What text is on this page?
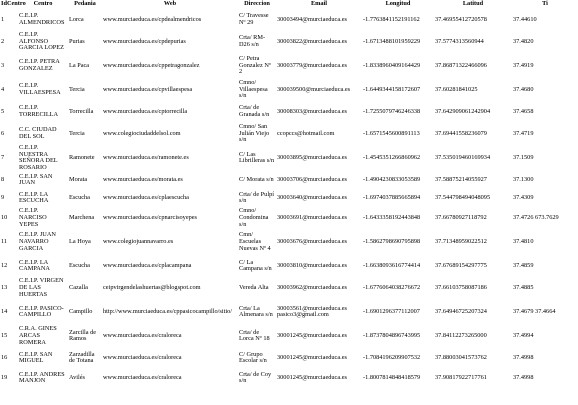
IdCentro	Centro	Pedania	Web	Direccion	Email	Longitud	Latitud	Ti
1	C.E.I.P. ALMENDRICOS	Lorca	www.murciaeduca.es/cpdealmendricos	C/ Travesse Nº 29	30003494@murciaeduca.es	-1.7763841152191162	37.46955412720578	37.44610
2	C.E.I.P. ALFONSO GARCIA LOPEZ	Purias	www.murciaeduca.es/cpdepurias	Crta/ RM-D26 s/n	30003822@murciaeduca.es	-1.6713488101959229	37.5774313560944	37.4820
3	C.E.I.P. PETRA GONZALEZ	La Paca	www.murciaeduca.es/cppetragonzalez	C/ Petra Gonzalez Nº 2	30003779@murciaeduca.es	-1.8338960409164429	37.86871322466096	37.4919
4	C.E.I.P. VILLAESPESA	Tercia	www.murciaeduca.es/cpvillaespesa	Cmno/ Villaespesa s/n	300039500@murciaeduca.es	-1.6449344158172607	37.60281841025	37.4680
5	C.E.I.P. TORRECILLA	Torrecilla	www.murciaeduca.es/cptorrecilla	Crta/ de Granada s/n	30008303@murciaeduca.es	-1.7255079746246338	37.642909061242904	37.4658
6	C.C. CIUDAD DEL SOL	Tercia	www.colegiociudaddelsol.com	Cmno/ San Julián Viejo s/n	ccopccs@hotmail.com	-1.6571545600891113	37.69441558236079	37.4719
7	C.E.I.P. NUESTRA SEÑORA DEL ROSARIO	Ramonete	www.murciaeduca.es/ramonete.es	C/ Las Librilleras s/n	30003895@murciaeduca.es	-1.4545351266860962	37.535019460169934	37.1509
8	C.E.I.P. SAN JUAN	Morata	www.murciaeduca.es/morata.es	C/ Morata s/n	30003706@murciaeduca.es	-1.4904230833053589	37.58875214055927	37.1300
9	C.E.I.P. LA ESCUCHA	Escucha	www.murciaeduca.es/cplaescucha	Crta/ de Pulpí s/n	30003640@murciaeduca.es	-1.6974037885665894	37.544798494048095	37.4309
10	C.E.I.P. NARCISO YEPES	Marchena	www.murciaeduca.es/cpnarcisoyepes	Cmno/ Condomina s/n	30003691@murciaeduca.es	-1.6433358192443848	37.66780927118792	37.4726 673.7629
11	C.E.I.P. JUAN NAVARRO GARCIA	La Hoya	www.colegiojuannavarro.es	Cmn/ Escuelas Nuevas Nº 4	30003676@murciaeduca.es	-1.5862798690795898	37.71348959022512	37.4810
12	C.E.I.P. LA CAMPANA	Escucha	www.murciaeduca.es/cplacampana	C/ La Campana s/n	30003810@murciaeduca.es	-1.6638093616774414	37.67689154297775	37.4859
13	C.E.I.P. VIRGEN DE LAS HUERTAS	Cazalla	ceipvirgendelashuertas@blogspot.com	Vereda Alta	30003962@murciaeduca.es	-1.6776064038276672	37.66103758087186	37.4885
14	C.E.I.P. PASICO-CAMPILLO	Campillo	http://www.murciaeduca.es/cppasicocampillo/sitio/	Crta/ La Almenara s/n	30003561@murciaeduca.es pasico3@gmail.com	-1.6901296377112007	37.64946725207324	37.4679 37.4664
15	C.R.A. GINES ARCAS ROMERA	Zarcilla de Ramos	www.murciaeduca.es/craloreca	Crta/ de Lorca Nº 18	30001245@murciaeduca.es	-1.8737804896743995	37.84112273265000	37.4994
16	C.E.I.P. SAN MIGUEL	Zarzadilla de Totana	www.murciaeduca.es/craloreca	C/ Grupo Escolar s/n	30001245@murciaeduca.es	-1.7084196209907532	37.88003041573762	37.4998
19	C.E.I.P. ANDRES MANJON	Avilés	www.murciaeduca.es/craloreca	Crta/ de Coy s/n	30001245@murciaeduca.es	-1.8007814848418579	37.90817922717761	37.4998
